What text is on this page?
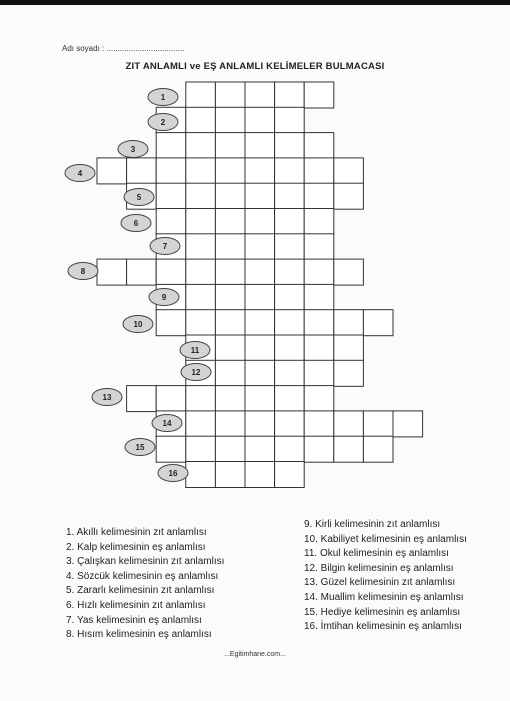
Adı soyadı : ...................................
ZIT ANLAMLI ve EŞ ANLAMLI KELİMELER BULMACASI
1
2
3
4
5
6
7
8
9
10
11
12
13
14
15
16
1. Akıllı kelimesinin zıt anlamlısı
2. Kalp kelimesinin eş anlamlısı
3. Çalışkan kelimesinin zıt anlamlısı
4. Sözcük kelimesinin eş anlamlısı
5. Zararlı kelimesinin zıt anlamlısı
6. Hızlı kelimesinin zıt anlamlısı
7. Yas kelimesinin eş anlamlısı
8. Hısım kelimesinin eş anlamlısı
9. Kirli kelimesinin zıt anlamlısı
10. Kabiliyet kelimesinin eş anlamlısı
11. Okul kelimesinin eş anlamlısı
12. Bilgin kelimesinin eş anlamlısı
13. Güzel kelimesinin zıt anlamlısı
14. Muallim kelimesinin eş anlamlısı
15. Hediye kelimesinin eş anlamlısı
16. İmtihan kelimesinin eş anlamlısı
...Egitimhane.com...
